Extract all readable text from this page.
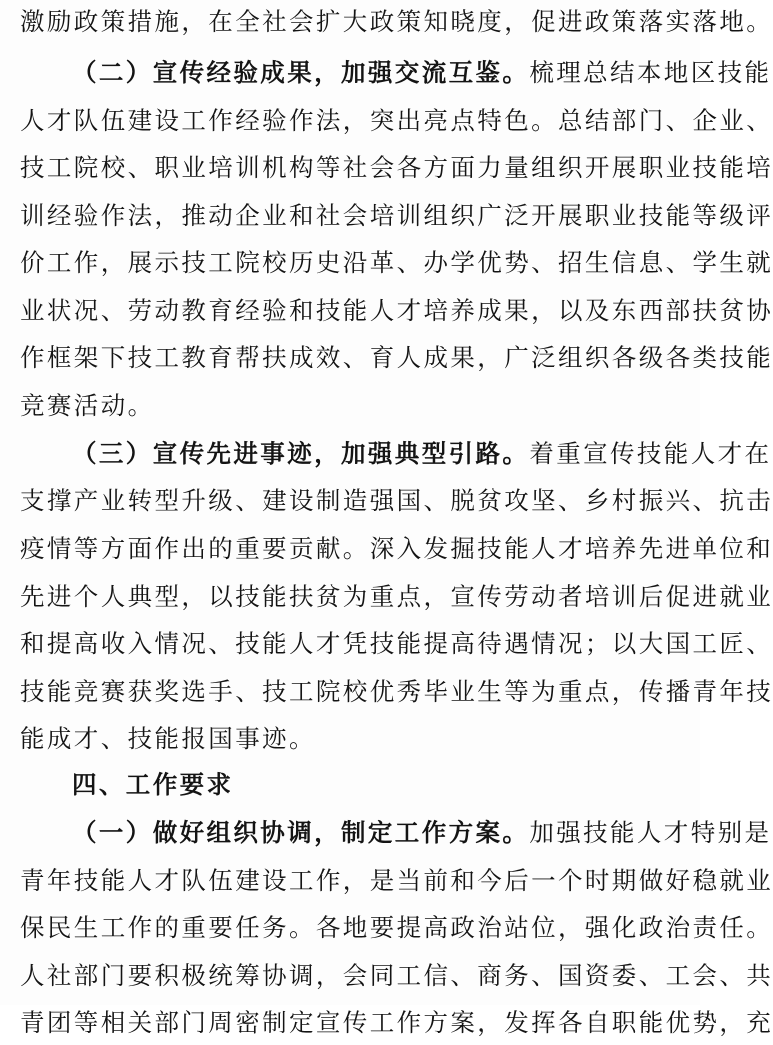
激励政策措施，在全社会扩大政策知晓度，促进政策落实落地。
（二）宣传经验成果，加强交流互鉴。梳理总结本地区技能
人才队伍建设工作经验作法，突出亮点特色。总结部门、企业、
技工院校、职业培训机构等社会各方面力量组织开展职业技能培
训经验作法，推动企业和社会培训组织广泛开展职业技能等级评
价工作，展示技工院校历史沿革、办学优势、招生信息、学生就
业状况、劳动教育经验和技能人才培养成果，以及东西部扶贫协
作框架下技工教育帮扶成效、育人成果，广泛组织各级各类技能
竞赛活动。
（三）宣传先进事迹，加强典型引路。着重宣传技能人才在
支撑产业转型升级、建设制造强国、脱贫攻坚、乡村振兴、抗击
疫情等方面作出的重要贡献。深入发掘技能人才培养先进单位和
先进个人典型，以技能扶贫为重点，宣传劳动者培训后促进就业
和提高收入情况、技能人才凭技能提高待遇情况；以大国工匠、
技能竞赛获奖选手、技工院校优秀毕业生等为重点，传播青年技
能成才、技能报国事迹。
四、工作要求
（一）做好组织协调，制定工作方案。加强技能人才特别是
青年技能人才队伍建设工作，是当前和今后一个时期做好稳就业
保民生工作的重要任务。各地要提高政治站位，强化政治责任。
人社部门要积极统筹协调，会同工信、商务、国资委、工会、共
青团等相关部门周密制定宣传工作方案，发挥各自职能优势，充
